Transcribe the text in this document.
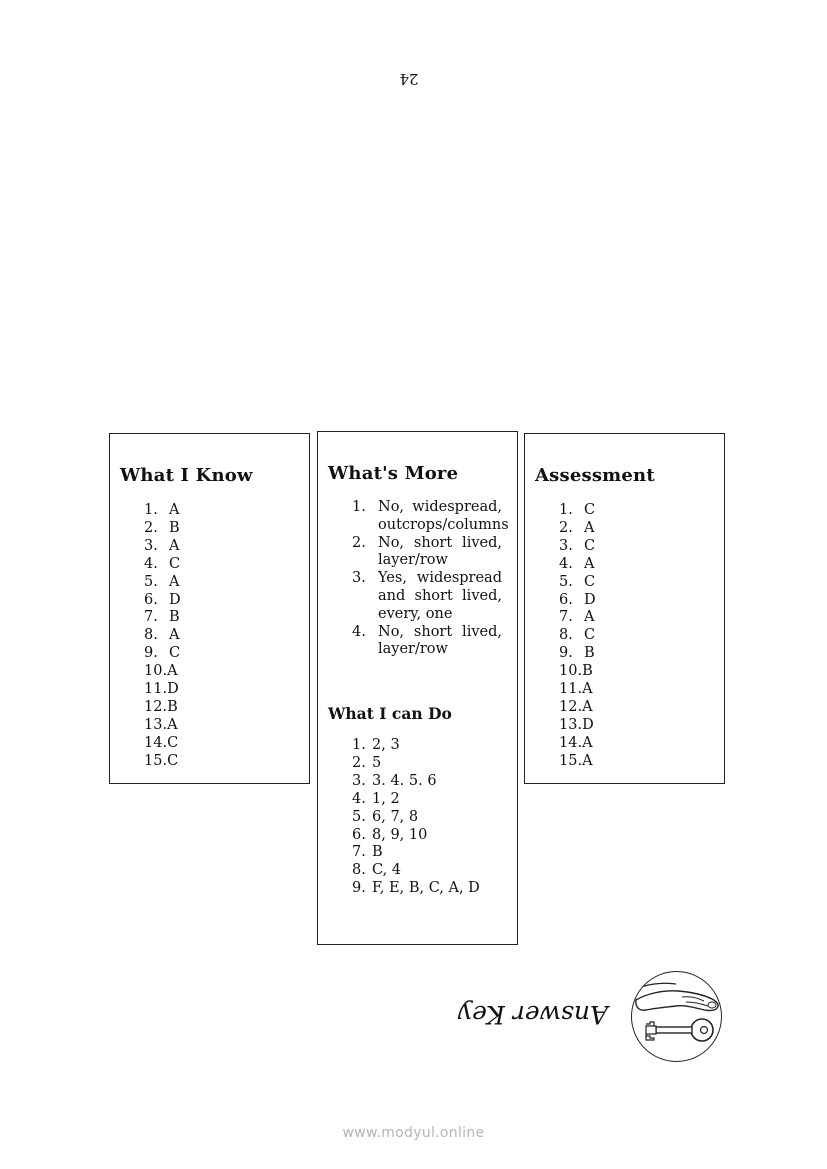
24
What I Know
1. A
2. B
3. A
4. C
5. A
6. D
7. B
8. A
9. C
10.A
11.D
12.B
13.A
14.C
15.C
What's More
1. No, widespread, outcrops/columns
2. No, short lived, layer/row
3. Yes, widespread and short lived, every, one
4. No, short lived, layer/row
What I can Do
1. 2, 3
2. 5
3. 3. 4. 5. 6
4. 1, 2
5. 6, 7, 8
6. 8, 9, 10
7. B
8. C, 4
9. F, E, B, C, A, D
Assessment
1. C
2. A
3. C
4. A
5. C
6. D
7. A
8. C
9. B
10.B
11.A
12.A
13.D
14.A
15.A
Answer Key
www.modyul.online
